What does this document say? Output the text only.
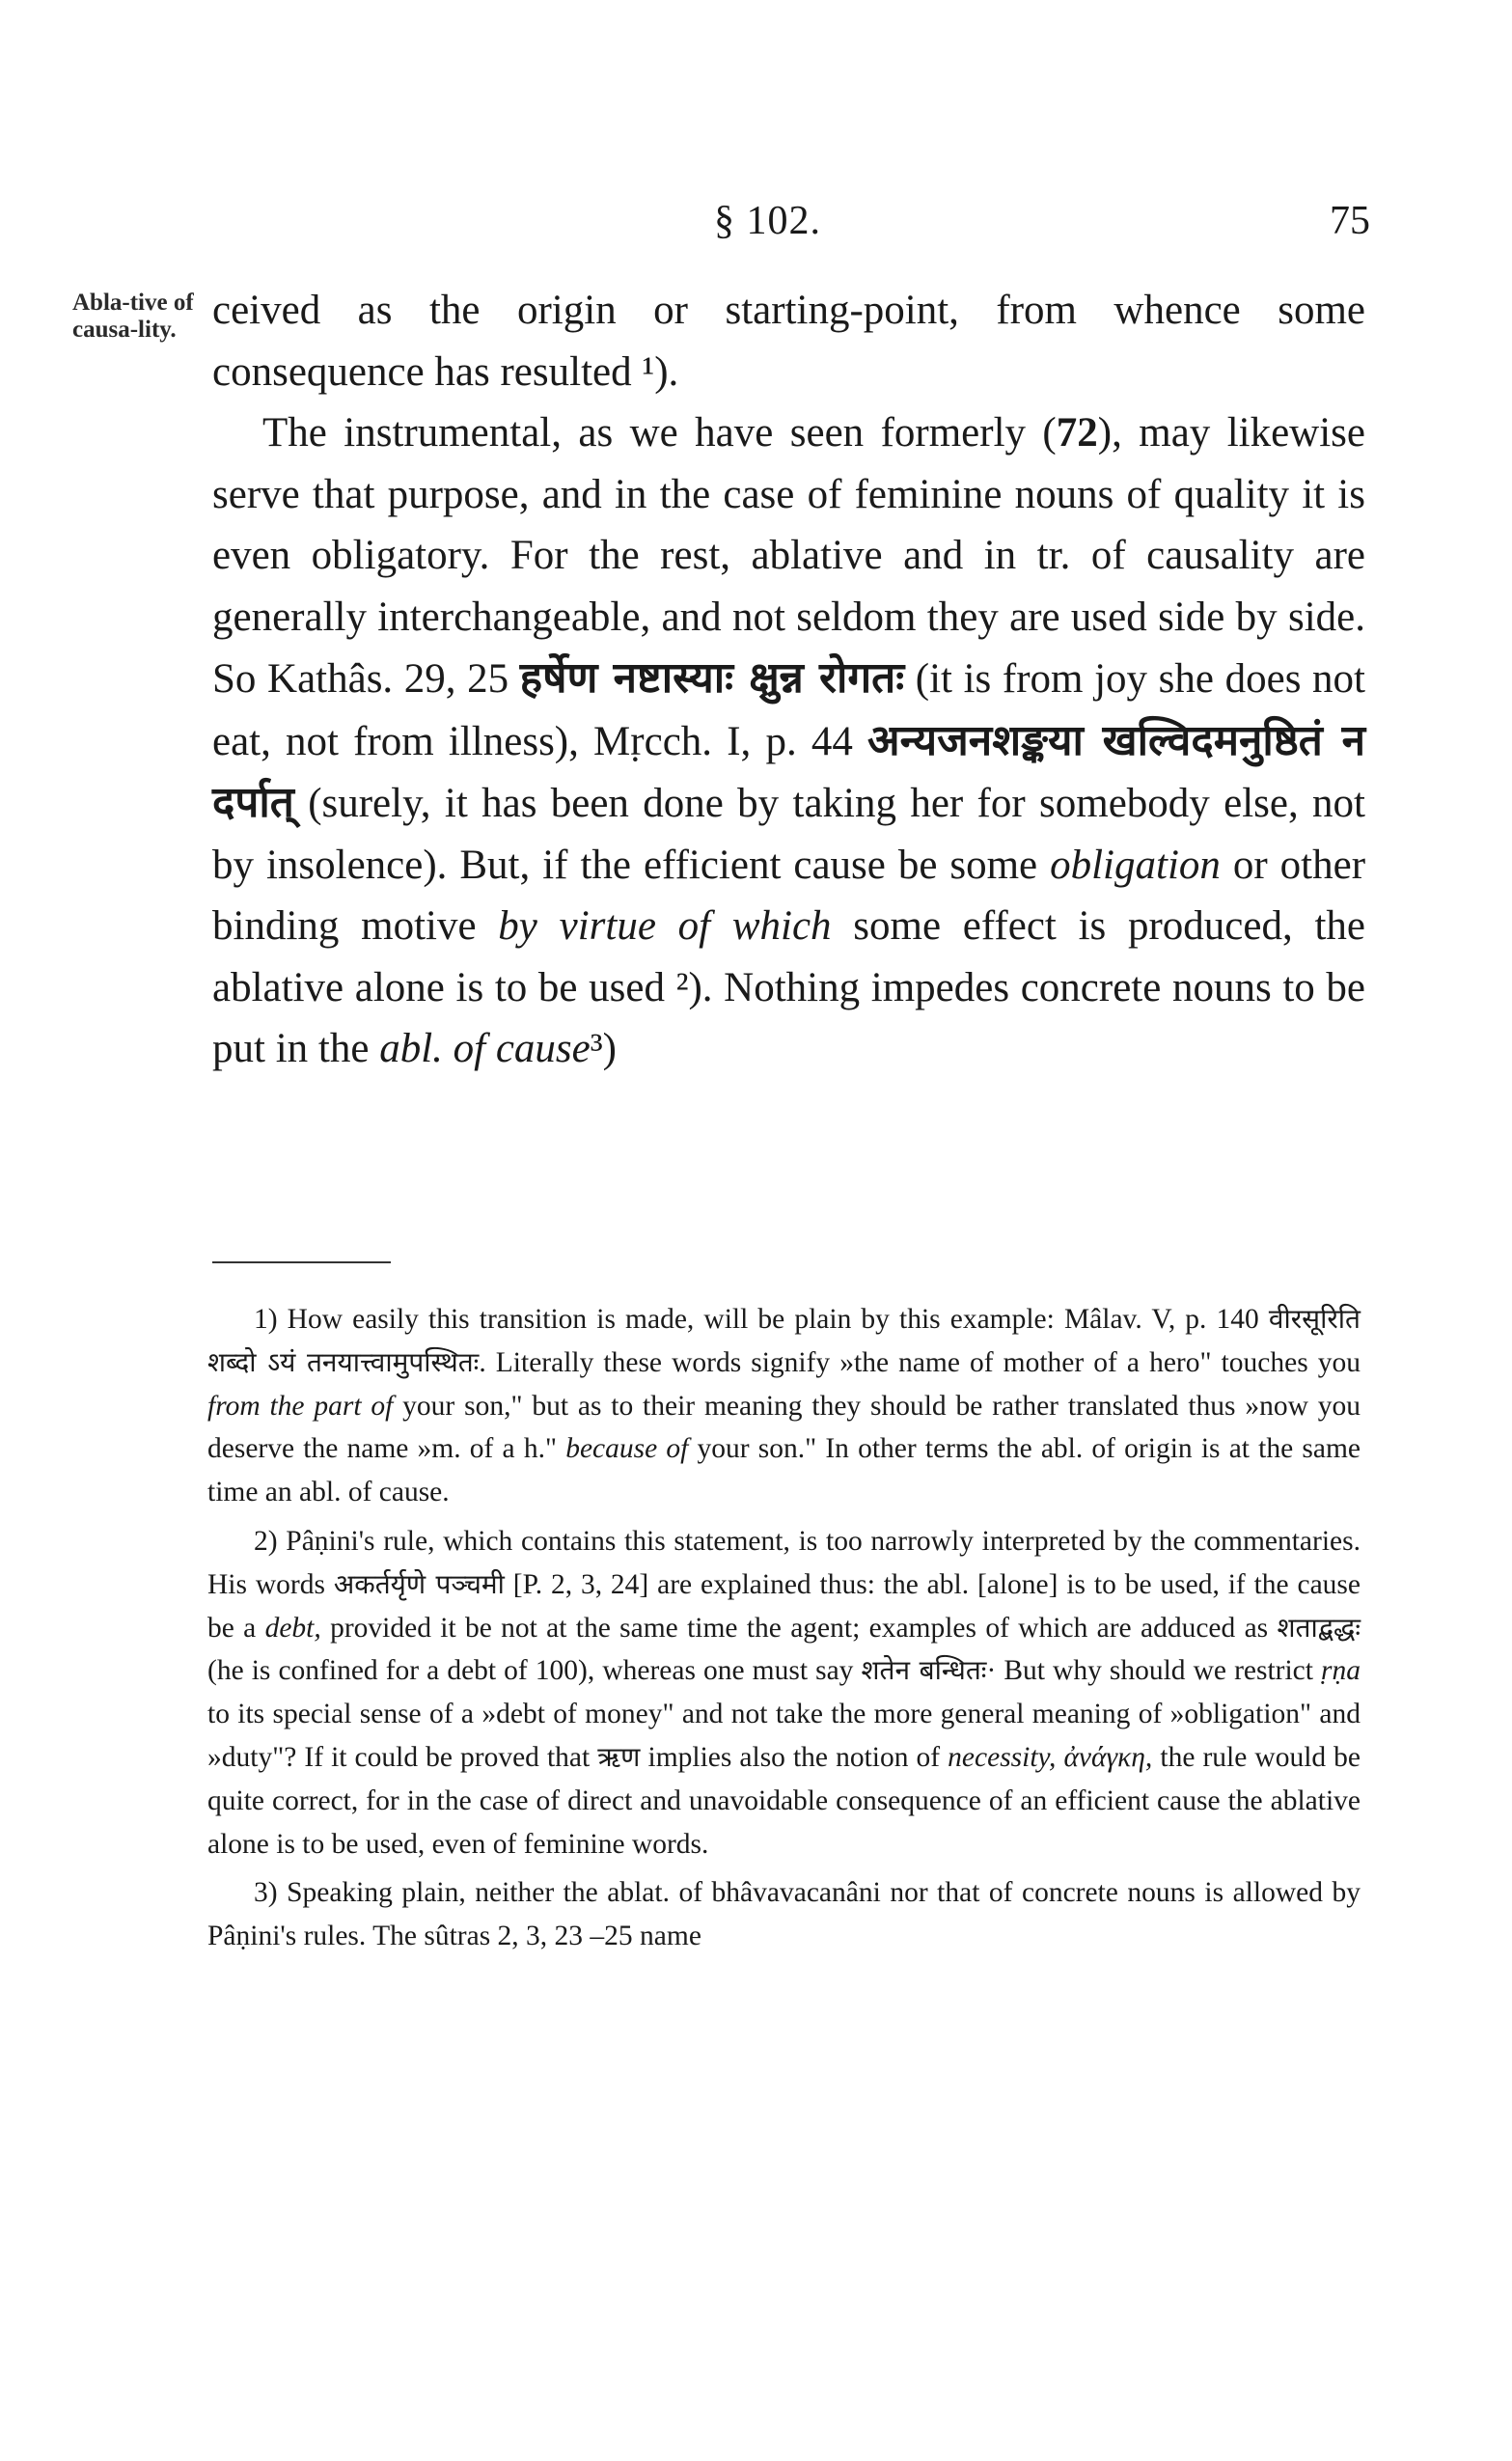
§ 102.	75
Abla-tive of causa-lity. ceived as the origin or starting-point, from whence some consequence has resulted ¹).

The instrumental, as we have seen formerly (72), may likewise serve that purpose, and in the case of feminine nouns of quality it is even obligatory. For the rest, ablative and in tr. of causality are generally interchangeable, and not seldom they are used side by side. So Kathâs. 29, 25 हर्षेण नष्टास्याः क्षुन्न रोगतः (it is from joy she does not eat, not from illness), Mṛcch. I, p. 44 अन्यजनशङ्कया खल्विदमनुष्ठितं न दर्पात् (surely, it has been done by taking her for somebody else, not by insolence). But, if the efficient cause be some obligation or other binding motive by virtue of which some effect is produced, the ablative alone is to be used ²). Nothing impedes concrete nouns to be put in the abl. of cause³)

1) How easily this transition is made, will be plain by this example: Mâlav. V, p. 140 वीरसूरिति शब्दो ऽयं तनयात्त्वामुपस्थितः. Literally these words signify »the name of mother of a hero" touches you from the part of your son," but as to their meaning they should be rather translated thus »now you deserve the name »m. of a h." because of your son." In other terms the abl. of origin is at the same time an abl. of cause.

2) Pâṇini's rule, which contains this statement, is too narrowly interpreted by the commentaries. His words अकर्तर्यृणे पञ्चमी [P. 2, 3, 24] are explained thus: the abl. [alone] is to be used, if the cause be a debt, provided it be not at the same time the agent; examples of which are adduced as शताद्बद्धः (he is confined for a debt of 100), whereas one must say शतेन बन्धितः· But why should we restrict ṛṇa to its special sense of a »debt of money" and not take the more general meaning of »obligation" and »duty"? If it could be proved that ऋण implies also the notion of necessity, ἀνάγκη, the rule would be quite correct, for in the case of direct and unavoidable consequence of an efficient cause the ablative alone is to be used, even of feminine words.

3) Speaking plain, neither the ablat. of bhâvavacanâni nor that of concrete nouns is allowed by Pâṇini's rules. The sûtras 2, 3, 23 –25 name
